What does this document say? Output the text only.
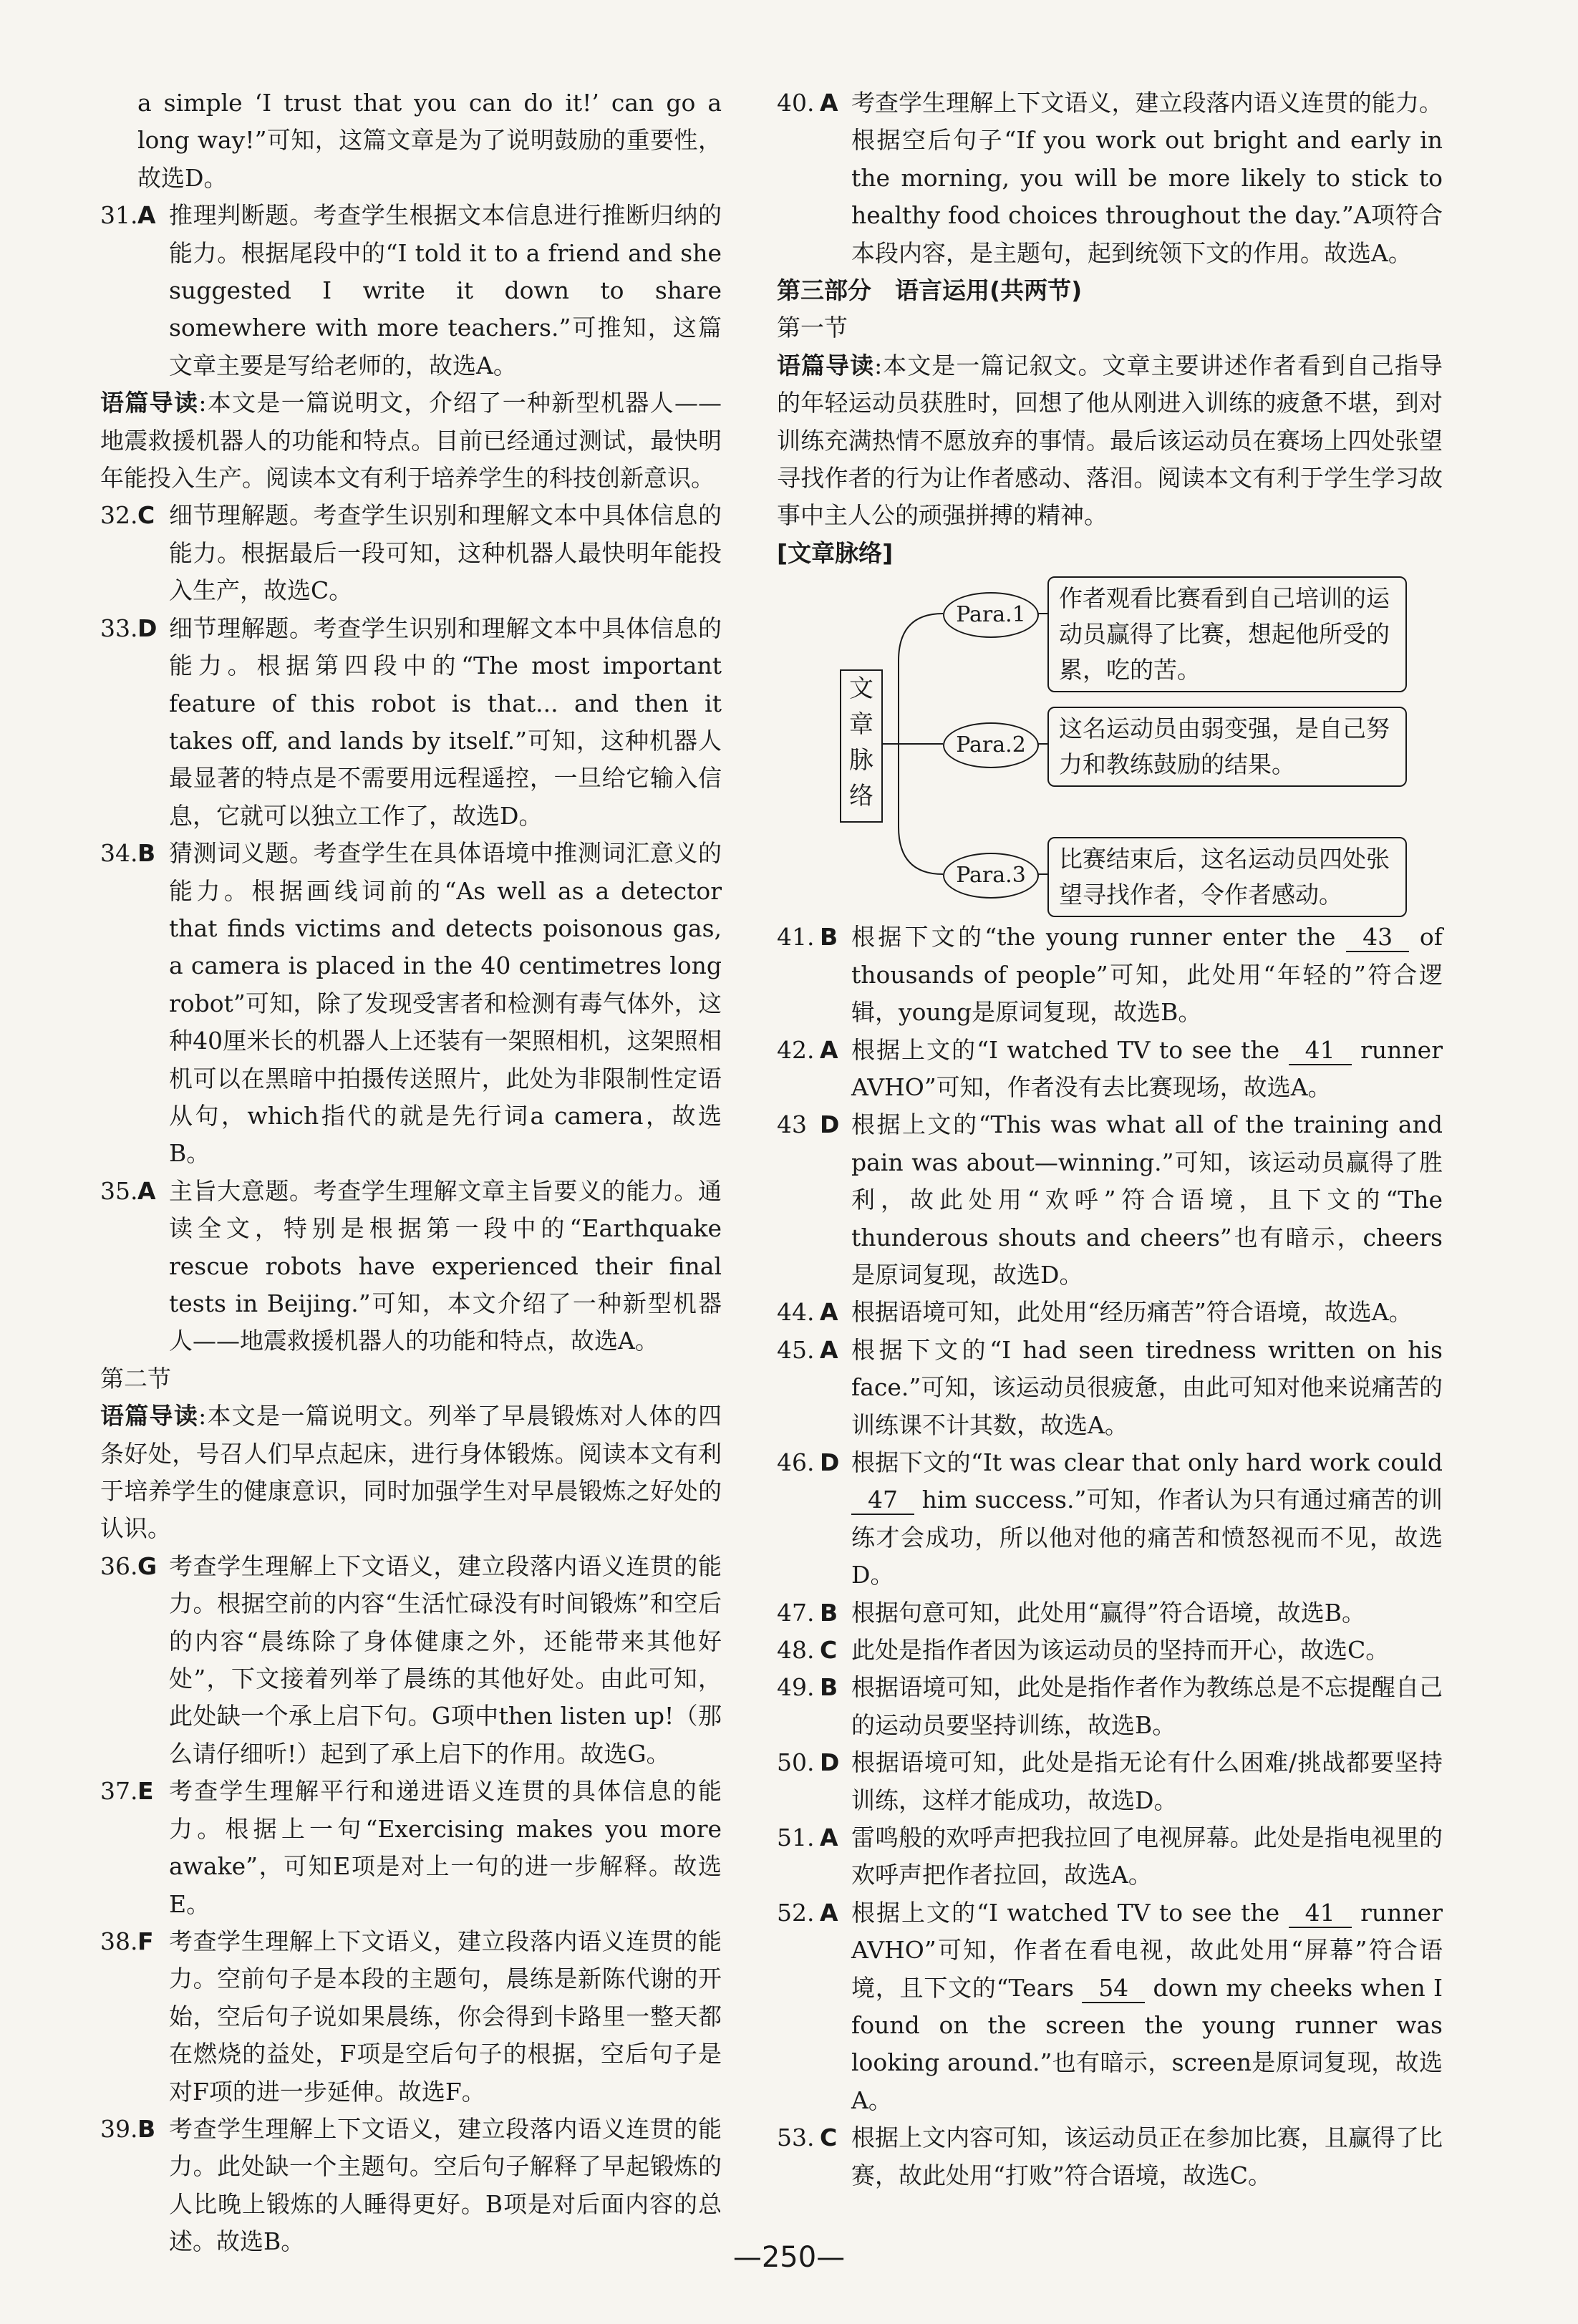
a simple ‘I trust that you can do it!’ can go a long way!”可知，这篇文章是为了说明鼓励的重要性，故选D。
31. A 推理判断题。考查学生根据文本信息进行推断归纳的能力。根据尾段中的“I told it to a friend and she suggested I write it down to share somewhere with more teachers.”可推知，这篇文章主要是写给老师的，故选A。
语篇导读:本文是一篇说明文，介绍了一种新型机器人——地震救援机器人的功能和特点。目前已经通过测试，最快明年能投入生产。阅读本文有利于培养学生的科技创新意识。
32. C 细节理解题。考查学生识别和理解文本中具体信息的能力。根据最后一段可知，这种机器人最快明年能投入生产，故选C。
33. D 细节理解题。考查学生识别和理解文本中具体信息的能力。根据第四段中的“The most important feature of this robot is that... and then it takes off, and lands by itself.”可知，这种机器人最显著的特点是不需要用远程遥控，一旦给它输入信息，它就可以独立工作了，故选D。
34. B 猜测词义题。考查学生在具体语境中推测词汇意义的能力。根据画线词前的“As well as a detector that finds victims and detects poisonous gas, a camera is placed in the 40 centimetres long robot”可知，除了发现受害者和检测有毒气体外，这种40厘米长的机器人上还装有一架照相机，这架照相机可以在黑暗中拍摄传送照片，此处为非限制性定语从句，which指代的就是先行词a camera，故选B。
35. A 主旨大意题。考查学生理解文章主旨要义的能力。通读全文，特别是根据第一段中的“Earthquake rescue robots have experienced their final tests in Beijing.”可知，本文介绍了一种新型机器人——地震救援机器人的功能和特点，故选A。
第二节
语篇导读:本文是一篇说明文。列举了早晨锻炼对人体的四条好处，号召人们早点起床，进行身体锻炼。阅读本文有利于培养学生的健康意识，同时加强学生对早晨锻炼之好处的认识。
36. G 考查学生理解上下文语义，建立段落内语义连贯的能力。根据空前的内容“生活忙碌没有时间锻炼”和空后的内容“晨练除了身体健康之外，还能带来其他好处”，下文接着列举了晨练的其他好处。由此可知，此处缺一个承上启下句。G项中then listen up!（那么请仔细听!）起到了承上启下的作用。故选G。
37. E 考查学生理解平行和递进语义连贯的具体信息的能力。根据上一句“Exercising makes you more awake”，可知E项是对上一句的进一步解释。故选E。
38. F 考查学生理解上下文语义，建立段落内语义连贯的能力。空前句子是本段的主题句，晨练是新陈代谢的开始，空后句子说如果晨练，你会得到卡路里一整天都在燃烧的益处，F项是空后句子的根据，空后句子是对F项的进一步延伸。故选F。
39. B 考查学生理解上下文语义，建立段落内语义连贯的能力。此处缺一个主题句。空后句子解释了早起锻炼的人比晚上锻炼的人睡得更好。B项是对后面内容的总述。故选B。
40. A 考查学生理解上下文语义，建立段落内语义连贯的能力。根据空后句子“If you work out bright and early in the morning, you will be more likely to stick to healthy food choices throughout the day.”A项符合本段内容，是主题句，起到统领下文的作用。故选A。
第三部分　语言运用(共两节)
第一节
语篇导读:本文是一篇记叙文。文章主要讲述作者看到自己指导的年轻运动员获胜时，回想了他从刚进入训练的疲惫不堪，到对训练充满热情不愿放弃的事情。最后该运动员在赛场上四处张望寻找作者的行为让作者感动、落泪。阅读本文有利于学生学习故事中主人公的顽强拼搏的精神。
[文章脉络]
文章脉络
Para.1
作者观看比赛看到自己培训的运动员赢得了比赛，想起他所受的累，吃的苦。
Para.2
这名运动员由弱变强，是自己努力和教练鼓励的结果。
Para.3
比赛结束后，这名运动员四处张望寻找作者，令作者感动。
41. B 根据下文的“the young runner enter the 43 of thousands of people”可知，此处用“年轻的”符合逻辑，young是原词复现，故选B。
42. A 根据上文的“I watched TV to see the 41 runner AVHO”可知，作者没有去比赛现场，故选A。
43 D 根据上文的“This was what all of the training and pain was about—winning.”可知，该运动员赢得了胜利，故此处用“欢呼”符合语境，且下文的“The thunderous shouts and cheers”也有暗示，cheers是原词复现，故选D。
44. A 根据语境可知，此处用“经历痛苦”符合语境，故选A。
45. A 根据下文的“I had seen tiredness written on his face.”可知，该运动员很疲惫，由此可知对他来说痛苦的训练课不计其数，故选A。
46. D 根据下文的“It was clear that only hard work could 47 him success.”可知，作者认为只有通过痛苦的训练才会成功，所以他对他的痛苦和愤怒视而不见，故选D。
47. B 根据句意可知，此处用“赢得”符合语境，故选B。
48. C 此处是指作者因为该运动员的坚持而开心，故选C。
49. B 根据语境可知，此处是指作者作为教练总是不忘提醒自己的运动员要坚持训练，故选B。
50. D 根据语境可知，此处是指无论有什么困难/挑战都要坚持训练，这样才能成功，故选D。
51. A 雷鸣般的欢呼声把我拉回了电视屏幕。此处是指电视里的欢呼声把作者拉回，故选A。
52. A 根据上文的“I watched TV to see the 41 runner AVHO”可知，作者在看电视，故此处用“屏幕”符合语境，且下文的“Tears 54 down my cheeks when I found on the screen the young runner was looking around.”也有暗示，screen是原词复现，故选A。
53. C 根据上文内容可知，该运动员正在参加比赛，且赢得了比赛，故此处用“打败”符合语境，故选C。
—250—
